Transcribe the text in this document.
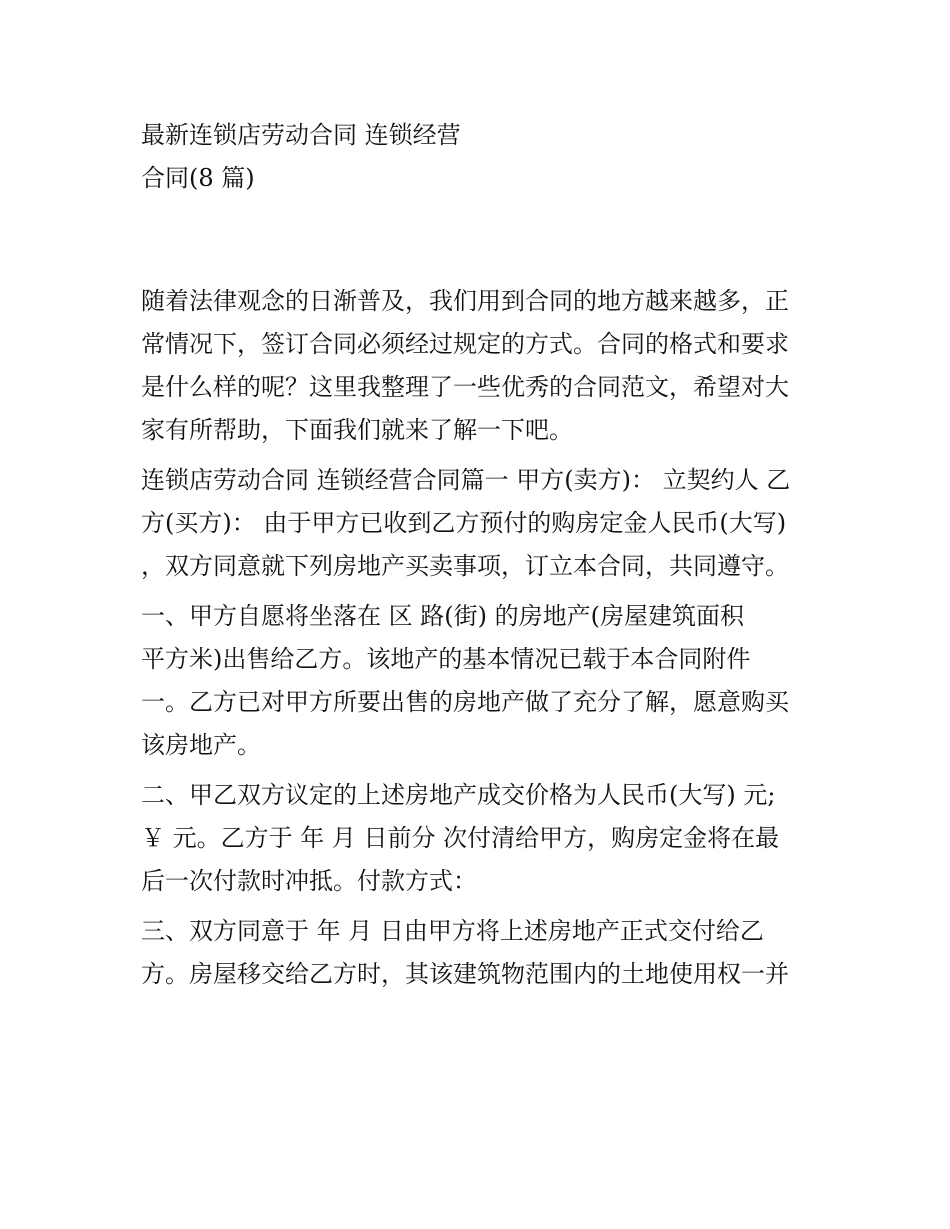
最新连锁店劳动合同 连锁经营
合同(8 篇)

随着法律观念的日渐普及，我们用到合同的地方越来越多，正
常情况下，签订合同必须经过规定的方式。合同的格式和要求
是什么样的呢？这里我整理了一些优秀的合同范文，希望对大
家有所帮助，下面我们就来了解一下吧。

连锁店劳动合同 连锁经营合同篇一 甲方(卖方)： 立契约人 乙
方(买方)： 由于甲方已收到乙方预付的购房定金人民币(大写)
，双方同意就下列房地产买卖事项，订立本合同，共同遵守。

一、甲方自愿将坐落在 区 路(街) 的房地产(房屋建筑面积
平方米)出售给乙方。该地产的基本情况已载于本合同附件
一。乙方已对甲方所要出售的房地产做了充分了解，愿意购买
该房地产。

二、甲乙双方议定的上述房地产成交价格为人民币(大写) 元;
￥ 元。乙方于 年 月 日前分 次付清给甲方，购房定金将在最
后一次付款时冲抵。付款方式：

三、双方同意于 年 月 日由甲方将上述房地产正式交付给乙
方。房屋移交给乙方时，其该建筑物范围内的土地使用权一并
